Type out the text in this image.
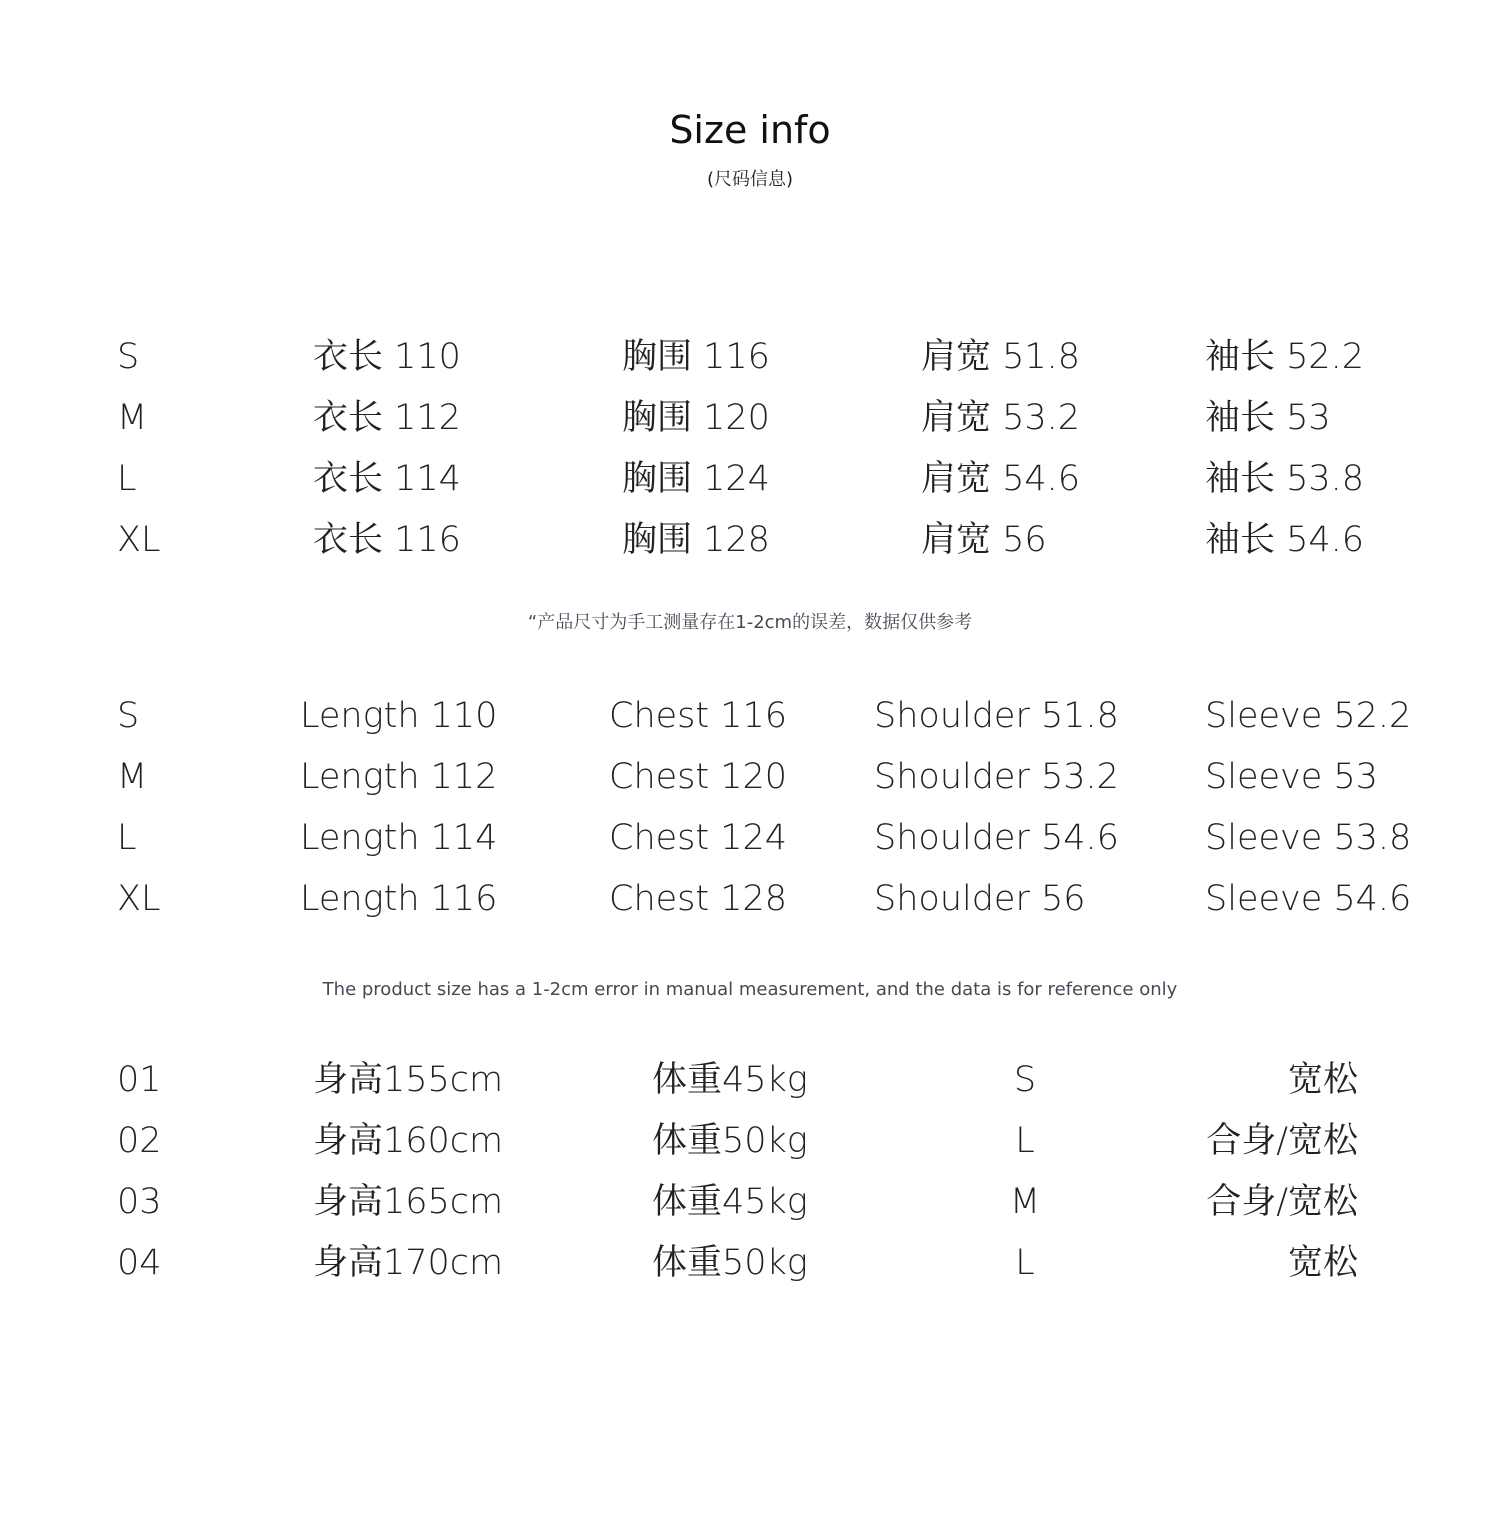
Size info
(尺码信息)
S	衣长 110	胸围 116	肩宽 51.8	袖长 52.2
M	衣长 112	胸围 120	肩宽 53.2	袖长 53
L	衣长 114	胸围 124	肩宽 54.6	袖长 53.8
XL	衣长 116	胸围 128	肩宽 56	袖长 54.6
“产品尺寸为手工测量存在1-2cm的误差，数据仅供参考
S	Length 110	Chest 116 Shoulder 51.8 Sleeve 52.2
M	Length 112	Chest 120 Shoulder 53.2 Sleeve 53
L	Length 114	Chest 124 Shoulder 54.6 Sleeve 53.8
XL	Length 116	Chest 128 Shoulder 56	Sleeve 54.6
The product size has a 1-2cm error in manual measurement, and the data is for reference only
01	身高155cm	体重45kg	S	宽松
02	身高160cm	体重50kg	L	合身/宽松
03	身高165cm	体重45kg	M	合身/宽松
04	身高170cm	体重50kg	L	宽松
